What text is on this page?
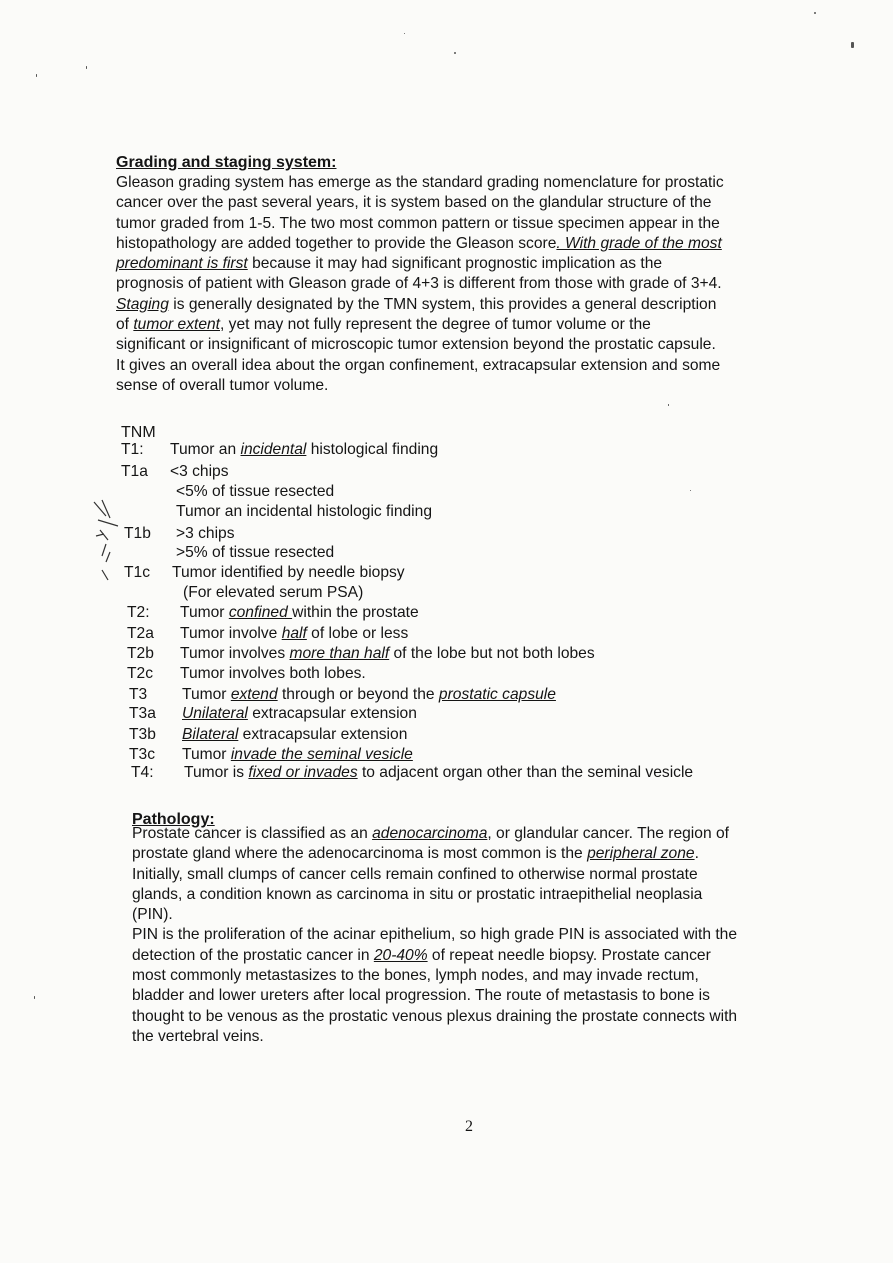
Grading and staging system:
Gleason grading system has emerge as the standard grading nomenclature for prostatic
cancer over the past several years, it is system based on the glandular structure of the
tumor graded from 1-5. The two most common pattern or tissue specimen appear in the
histopathology are added together to provide the Gleason score. With grade of the most
predominant is first because it may had significant prognostic implication as the
prognosis of patient with Gleason grade of 4+3 is different from those with grade of 3+4.
Staging is generally designated by the TMN system, this provides a general description
of tumor extent, yet may not fully represent the degree of tumor volume or the
significant or insignificant of microscopic tumor extension beyond the prostatic capsule.
It gives an overall idea about the organ confinement, extracapsular extension and some
sense of overall tumor volume.
TNM
T1: Tumor an incidental histological finding
T1a <3 chips
<5% of tissue resected
Tumor an incidental histologic finding
T1b >3 chips
>5% of tissue resected
T1c Tumor identified by needle biopsy
(For elevated serum PSA)
T2: Tumor confined within the prostate
T2a Tumor involve half of lobe or less
T2b Tumor involves more than half of the lobe but not both lobes
T2c Tumor involves both lobes.
T3 Tumor extend through or beyond the prostatic capsule
T3a Unilateral extracapsular extension
T3b Bilateral extracapsular extension
T3c Tumor invade the seminal vesicle
T4: Tumor is fixed or invades to adjacent organ other than the seminal vesicle
Pathology:
Prostate cancer is classified as an adenocarcinoma, or glandular cancer. The region of
prostate gland where the adenocarcinoma is most common is the peripheral zone.
Initially, small clumps of cancer cells remain confined to otherwise normal prostate
glands, a condition known as carcinoma in situ or prostatic intraepithelial neoplasia
(PIN).
PIN is the proliferation of the acinar epithelium, so high grade PIN is associated with the
detection of the prostatic cancer in 20-40% of repeat needle biopsy. Prostate cancer
most commonly metastasizes to the bones, lymph nodes, and may invade rectum,
bladder and lower ureters after local progression. The route of metastasis to bone is
thought to be venous as the prostatic venous plexus draining the prostate connects with
the vertebral veins.
2
